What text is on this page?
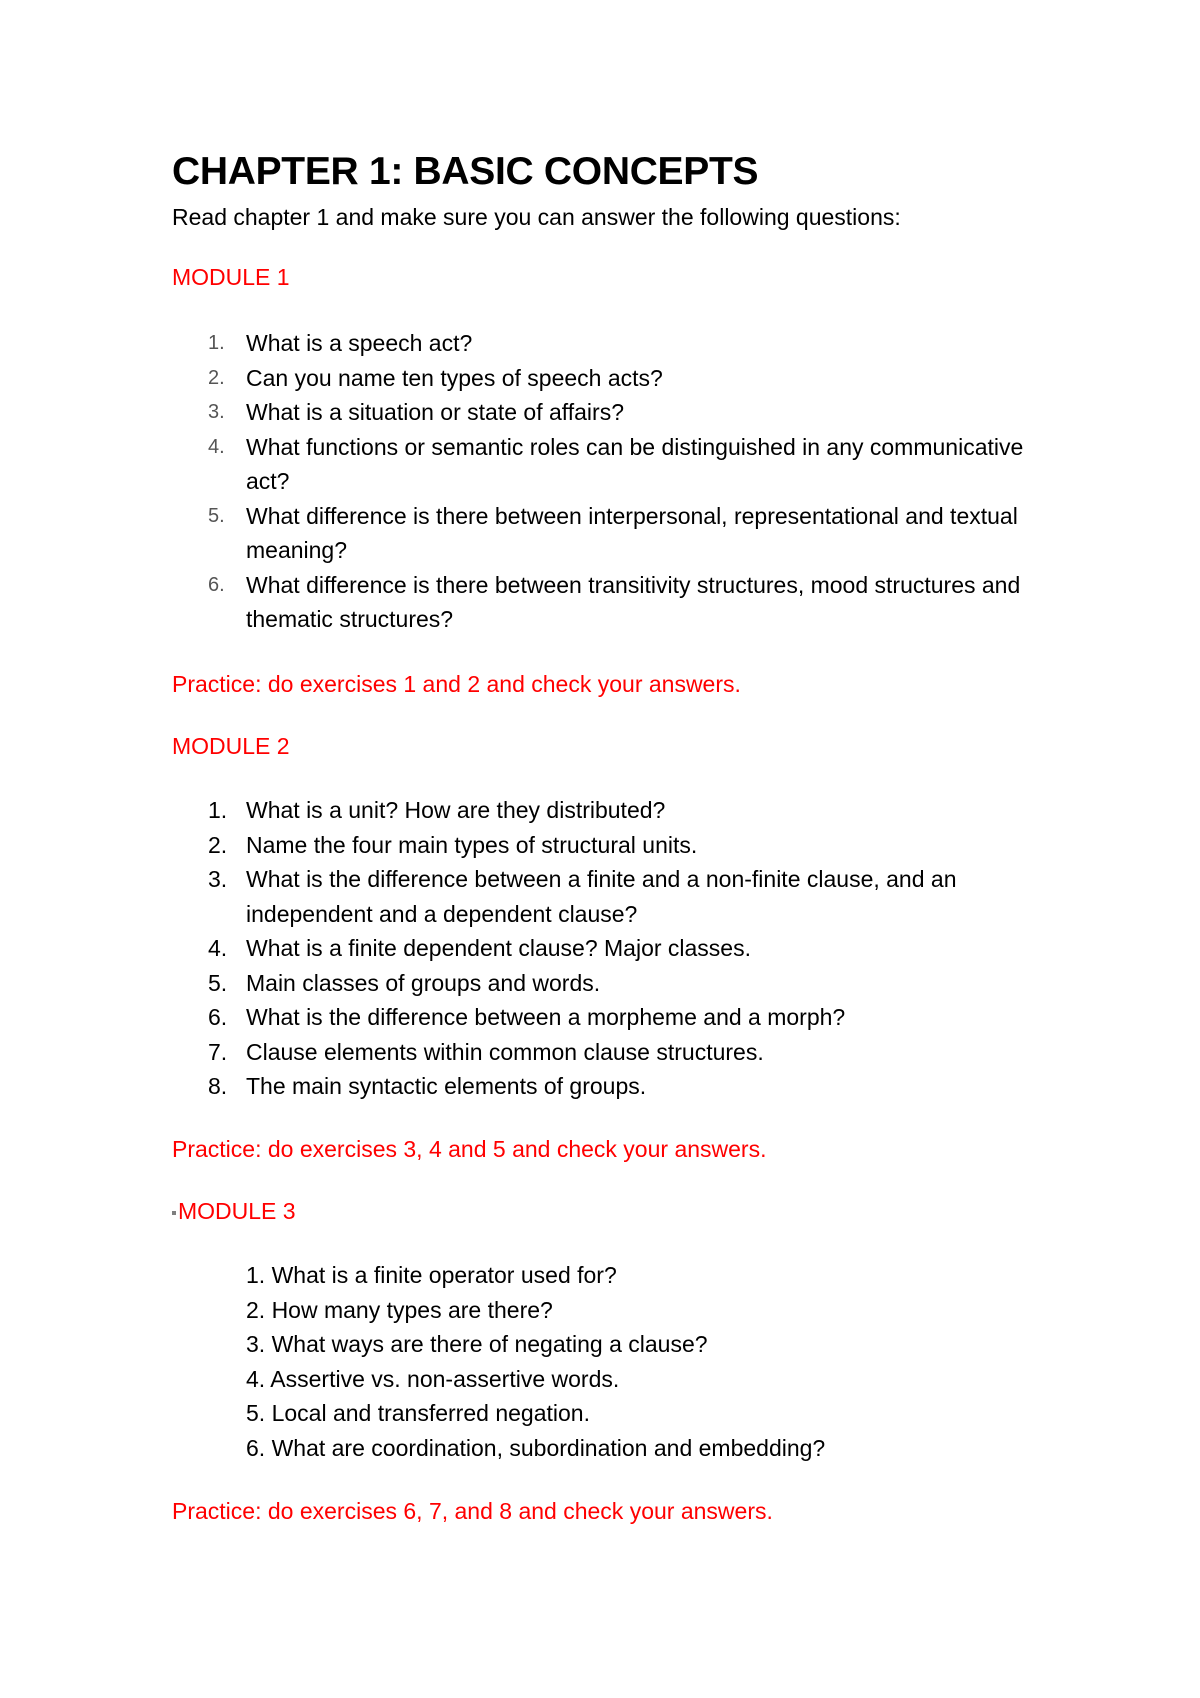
CHAPTER 1: BASIC CONCEPTS
Read chapter 1 and make sure you can answer the following questions:
MODULE 1
1. What is a speech act?
2. Can you name ten types of speech acts?
3. What is a situation or state of affairs?
4. What functions or semantic roles can be distinguished in any communicative act?
5. What difference is there between interpersonal, representational and textual meaning?
6. What difference is there between transitivity structures, mood structures and thematic structures?
Practice: do exercises 1 and 2 and check your answers.
MODULE 2
1. What is a unit? How are they distributed?
2. Name the four main types of structural units.
3. What is the difference between a finite and a non-finite clause, and an independent and a dependent clause?
4. What is a finite dependent clause? Major classes.
5. Main classes of groups and words.
6. What is the difference between a morpheme and a morph?
7. Clause elements within common clause structures.
8. The main syntactic elements of groups.
Practice: do exercises 3, 4 and 5 and check your answers.
MODULE 3
1. What is a finite operator used for?
2. How many types are there?
3. What ways are there of negating a clause?
4. Assertive vs. non-assertive words.
5. Local and transferred negation.
6. What are coordination, subordination and embedding?
Practice: do exercises 6, 7, and 8 and check your answers.
